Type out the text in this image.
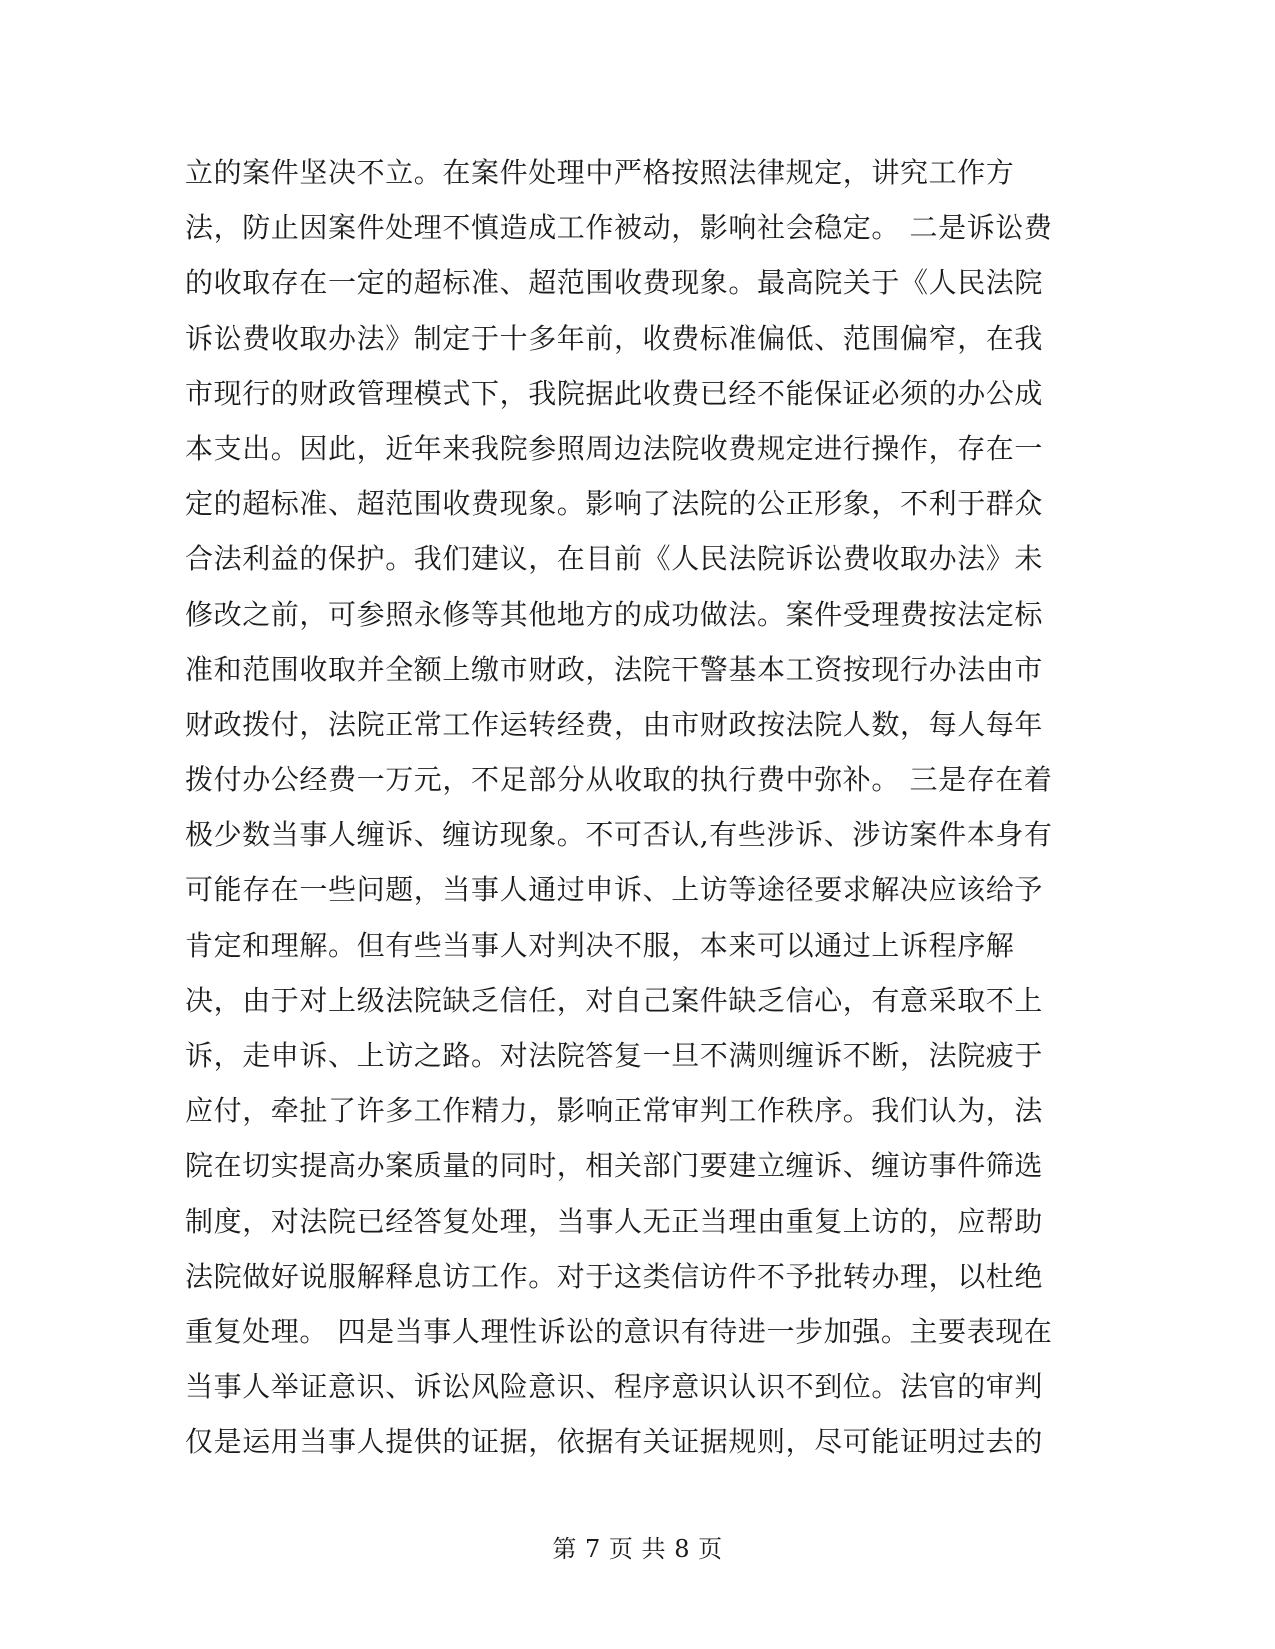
立的案件坚决不立。在案件处理中严格按照法律规定，讲究工作方
法，防止因案件处理不慎造成工作被动，影响社会稳定。 二是诉讼费
的收取存在一定的超标准、超范围收费现象。最高院关于《人民法院
诉讼费收取办法》制定于十多年前，收费标准偏低、范围偏窄，在我
市现行的财政管理模式下，我院据此收费已经不能保证必须的办公成
本支出。因此，近年来我院参照周边法院收费规定进行操作，存在一
定的超标准、超范围收费现象。影响了法院的公正形象，不利于群众
合法利益的保护。我们建议，在目前《人民法院诉讼费收取办法》未
修改之前，可参照永修等其他地方的成功做法。案件受理费按法定标
准和范围收取并全额上缴市财政，法院干警基本工资按现行办法由市
财政拨付，法院正常工作运转经费，由市财政按法院人数，每人每年
拨付办公经费一万元，不足部分从收取的执行费中弥补。 三是存在着
极少数当事人缠诉、缠访现象。不可否认,有些涉诉、涉访案件本身有
可能存在一些问题，当事人通过申诉、上访等途径要求解决应该给予
肯定和理解。但有些当事人对判决不服，本来可以通过上诉程序解
决，由于对上级法院缺乏信任，对自己案件缺乏信心，有意采取不上
诉，走申诉、上访之路。对法院答复一旦不满则缠诉不断，法院疲于
应付，牵扯了许多工作精力，影响正常审判工作秩序。我们认为，法
院在切实提高办案质量的同时，相关部门要建立缠诉、缠访事件筛选
制度，对法院已经答复处理，当事人无正当理由重复上访的，应帮助
法院做好说服解释息访工作。对于这类信访件不予批转办理，以杜绝
重复处理。 四是当事人理性诉讼的意识有待进一步加强。主要表现在
当事人举证意识、诉讼风险意识、程序意识认识不到位。法官的审判
仅是运用当事人提供的证据，依据有关证据规则，尽可能证明过去的
第 7 页 共 8 页
